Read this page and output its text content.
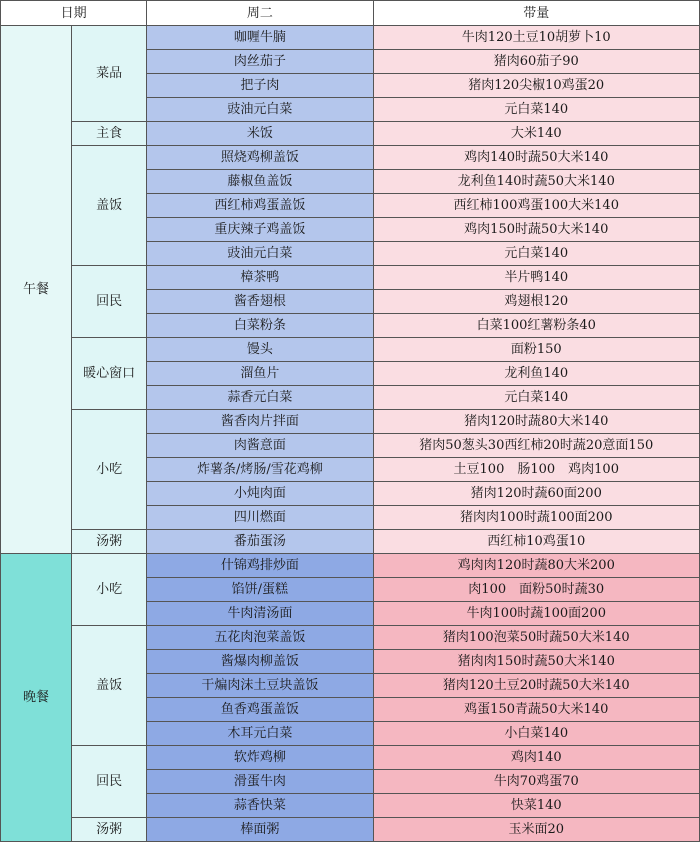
日期		周二	带量
午餐	菜品	咖喱牛腩	牛肉120土豆10胡萝卜10
		肉丝茄子	猪肉60茄子90
		把子肉	猪肉120尖椒10鸡蛋20
		豉油元白菜	元白菜140
	主食	米饭	大米140
	盖饭	照烧鸡柳盖饭	鸡肉140时蔬50大米140
		藤椒鱼盖饭	龙利鱼140时蔬50大米140
		西红柿鸡蛋盖饭	西红柿100鸡蛋100大米140
		重庆辣子鸡盖饭	鸡肉150时蔬50大米140
		豉油元白菜	元白菜140
	回民	樟茶鸭	半片鸭140
		酱香翅根	鸡翅根120
		白菜粉条	白菜100红薯粉条40
	暖心窗口	馒头	面粉150
		溜鱼片	龙利鱼140
		蒜香元白菜	元白菜140
	小吃	酱香肉片拌面	猪肉120时蔬80大米140
		肉酱意面	猪肉50葱头30西红柿20时蔬20意面150
		炸薯条/烤肠/雪花鸡柳	土豆100　肠100　鸡肉100
		小炖肉面	猪肉120时蔬60面200
		四川燃面	猪肉肉100时蔬100面200
	汤粥	番茄蛋汤	西红柿10鸡蛋10
晚餐	小吃	什锦鸡排炒面	鸡肉肉120时蔬80大米200
		馅饼/蛋糕	肉100　面粉50时蔬30
		牛肉清汤面	牛肉100时蔬100面200
	盖饭	五花肉泡菜盖饭	猪肉100泡菜50时蔬50大米140
		酱爆肉柳盖饭	猪肉肉150时蔬50大米140
		干煸肉沫土豆块盖饭	猪肉120土豆20时蔬50大米140
		鱼香鸡蛋盖饭	鸡蛋150青蔬50大米140
		木耳元白菜	小白菜140
	回民	软炸鸡柳	鸡肉140
		滑蛋牛肉	牛肉70鸡蛋70
		蒜香快菜	快菜140
	汤粥	棒面粥	玉米面20
